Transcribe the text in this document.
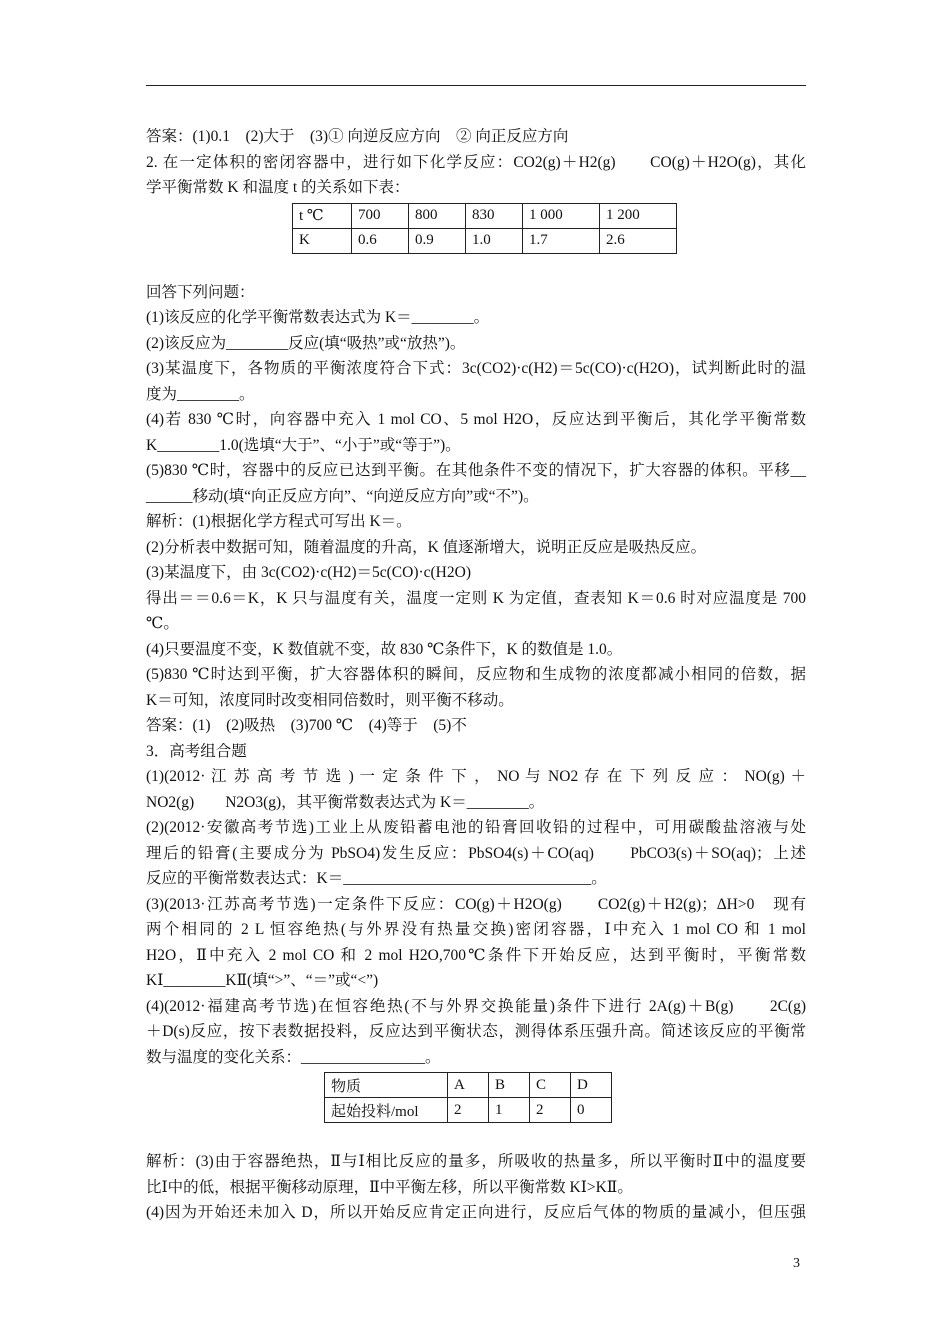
答案：(1)0.1　(2)大于　(3)① 向逆反应方向　② 向正反应方向
2. 在一定体积的密闭容器中，进行如下化学反应：CO2(g)＋H2(g)　　CO(g)＋H2O(g)，其化
学平衡常数 K 和温度 t 的关系如下表：
t ℃	700	800	830	1 000	1 200
K	0.6	0.9	1.0	1.7	2.6
回答下列问题：
(1)该反应的化学平衡常数表达式为 K＝________。
(2)该反应为________反应(填“吸热”或“放热”)。
(3)某温度下，各物质的平衡浓度符合下式：3c(CO2)·c(H2)＝5c(CO)·c(H2O)，试判断此时的温
度为________。
(4)若 830 ℃时，向容器中充入 1 mol CO、5 mol H2O，反应达到平衡后，其化学平衡常数
K________1.0(选填“大于”、“小于”或“等于”)。
(5)830 ℃时，容器中的反应已达到平衡。在其他条件不变的情况下，扩大容器的体积。平移__
______移动(填“向正反应方向”、“向逆反应方向”或“不”)。
解析：(1)根据化学方程式可写出 K＝。
(2)分析表中数据可知，随着温度的升高，K 值逐渐增大，说明正反应是吸热反应。
(3)某温度下，由 3c(CO2)·c(H2)＝5c(CO)·c(H2O)
得出＝＝0.6＝K，K 只与温度有关，温度一定则 K 为定值，查表知 K＝0.6 时对应温度是 700
℃。
(4)只要温度不变，K 数值就不变，故 830 ℃条件下，K 的数值是 1.0。
(5)830 ℃时达到平衡，扩大容器体积的瞬间，反应物和生成物的浓度都减小相同的倍数，据
K＝可知，浓度同时改变相同倍数时，则平衡不移动。
答案：(1)　(2)吸热　(3)700 ℃　(4)等于　(5)不
3．高考组合题
(1)(2012· 江 苏 高 考 节 选 ) 一 定 条 件 下 ， NO 与 NO2 存 在 下 列 反 应 ： NO(g) ＋
NO2(g)　　N2O3(g)，其平衡常数表达式为 K＝________。
(2)(2012·安徽高考节选)工业上从废铅蓄电池的铅膏回收铅的过程中，可用碳酸盐溶液与处
理后的铅膏(主要成分为 PbSO4)发生反应：PbSO4(s)＋CO(aq)　　PbCO3(s)＋SO(aq)；上述
反应的平衡常数表达式：K＝________________________________。
(3)(2013·江苏高考节选)一定条件下反应：CO(g)＋H2O(g)　　CO2(g)＋H2(g)；ΔH>0　现有
两个相同的 2 L 恒容绝热(与外界没有热量交换)密闭容器，Ⅰ中充入 1 mol CO 和 1 mol
H2O，Ⅱ中充入 2 mol CO 和 2 mol H2O,700℃条件下开始反应，达到平衡时，平衡常数
KⅠ________KⅡ(填“>”、“＝”或“<”)
(4)(2012·福建高考节选)在恒容绝热(不与外界交换能量)条件下进行 2A(g)＋B(g)　　2C(g)
＋D(s)反应，按下表数据投料，反应达到平衡状态，测得体系压强升高。简述该反应的平衡常
数与温度的变化关系：________________。
物质	A	B	C	D
起始投料/mol	2	1	2	0
解析：(3)由于容器绝热，Ⅱ与Ⅰ相比反应的量多，所吸收的热量多，所以平衡时Ⅱ中的温度要
比Ⅰ中的低，根据平衡移动原理，Ⅱ中平衡左移，所以平衡常数 KⅠ>KⅡ。
(4)因为开始还未加入 D，所以开始反应肯定正向进行，反应后气体的物质的量减小，但压强
3
